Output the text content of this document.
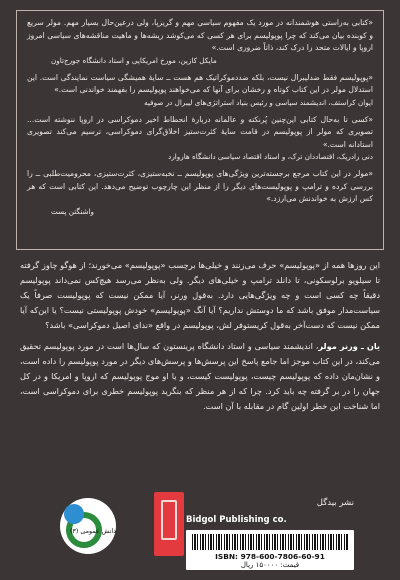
«کتابی به‌راستی هوشمندانه در مورد یک مفهوم سیاسی مهم و گریزپا، ولی درعین‌حال بسیار مهم. مولر سریع و کوبنده بیان می‌کند که چرا پوپولیسم برای هر کسی که می‌کوشد ریشه‌ها و ماهیت مناقشه‌های سیاسی امروز اروپا و ایالات متحد را درک کند، ذاتاً ضروری است.»

مایکل کازین، مورخ امریکایی و استاد دانشگاه جورج‌تاون

«پوپولیسم فقط ضدلیبرال نیست، بلکه ضددموکراتیک هم هست ــ سایهٔ همیشگی سیاست نمایندگی است. این استدلال مولر در این کتاب کوتاه و رخشان برای آنها که می‌خواهند پوپولیسم را بفهمند خواندنی است.»

ایوان کراستف، اندیشمند سیاسی و رئیس بنیاد استراتژی‌های لیبرال در صوفیه

«کسی تا به‌حال کتابی این‌چنین پُرنکته و عالمانه دربارهٔ انحطاط اخیر دموکراسی در اروپا ننوشته است... تصویری که مولر از پوپولیسم در قامت سایهٔ کثرت‌ستیز اخلاق‌گرای دموکراسی، ترسیم می‌کند تصویری استادانه است.»

دنی رادریک، اقتصاددان ترک، و استاد اقتصاد سیاسی دانشگاه هاروارد

«مولر در این کتاب مرجع برجسته‌ترین ویژگی‌های پوپولیسم ــ نخبه‌ستیزی، کثرت‌ستیزی، محرومیت‌طلبی ــ را بررسی کرده و ترامپ و پوپولیست‌های دیگر را از منظر این چارچوب توضیح می‌دهد. این کتابی است که هر کس ارزش به خواندنش می‌ارزد.»

واشنگتن پست

این روزها همه از «پوپولیسم» حرف می‌زنند و خیلی‌ها برچسب «پوپولیسم» می‌خورند؛ از هوگو چاوز گرفته تا سیلویو برلوسکونی، تا دانلد ترامپ و خیلی‌های دیگر. ولی به‌نظر می‌رسد هیچ‌کس نمی‌داند پوپولیسم دقیقاً چه کسی است و چه ویژگی‌هایی دارد. به‌قول ورنر، آیا ممکن نیست که پوپولیست صرفاً یک سیاست‌مدار موفق باشد که ما دوستش نداریم؟ آیا آنگ «پوپولیسم» خودش پوپولیستی نیست؟ یا این‌که آیا ممکن نیست که دست‌آخر به‌قول کریستوفر لش، پوپولیسم در واقع «ندای اصیل دموکراسی» باشد؟

یان ـ ورنر مولر، اندیشمند سیاسی و استاد دانشگاه پرینستون که سال‌ها است در مورد پوپولیسم تحقیق می‌کند، در این کتاب موجز اما جامع پاسخ این پرسش‌ها و پرسش‌های دیگر در مورد پوپولیسم را داده است، و نشان‌مان داده که پوپولیسم چیست، پوپولیست کیست، و یا او موج پوپولیسم که اروپا و امریکا و در کل جهان را در بر گرفته چه باید کرد. چرا که از هر منظر که بنگرید پوپولیسم خطری برای دموکراسی است، اما شناخت این خطر اولین گام در مقابله با آن است.

دانش عمومی (۳)
نشر بیدگل
Bidgol Publishing co.
ISBN: 978-600-7806-60-91
قیمت: ۱۵۰۰۰۰ ریال
